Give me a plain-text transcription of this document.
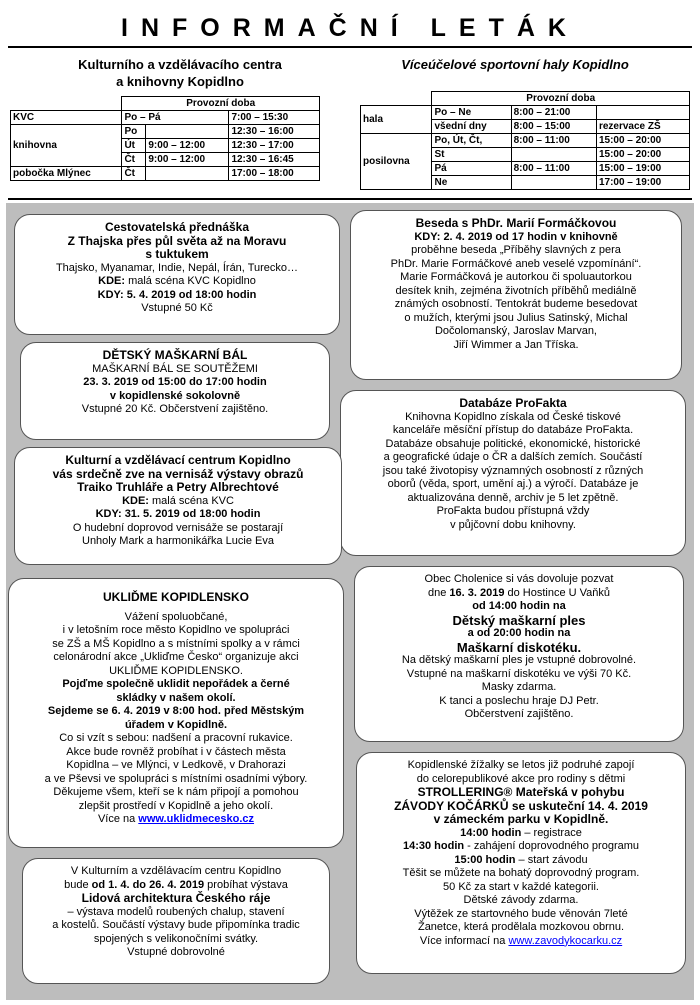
INFORMAČNÍ LETÁK
Kulturního a vzdělávacího centra
a knihovny Kopidlno
Víceúčelové sportovní haly Kopidlno
	Provozní doba		
KVC	Po – Pá		7:00 – 15:30
knihovna	Po		12:30 – 16:00
	Út	9:00 – 12:00	12:30 – 17:00
	Čt	9:00 – 12:00	12:30 – 16:45
pobočka Mlýnec	Čt		17:00 – 18:00
	Provozní doba		
hala	Po – Ne	8:00 – 21:00	
	všední dny	8:00 – 15:00	rezervace ZŠ
posilovna	Po, Út, Čt,	8:00 – 11:00	15:00 – 20:00
	St		15:00 – 20:00
	Pá	8:00 – 11:00	15:00 – 19:00
	Ne		17:00 – 19:00
Cestovatelská přednáška
Z Thajska přes půl světa až na Moravu
s tuktukem
Thajsko, Myanamar, Indie, Nepál, Írán, Turecko…
KDE: malá scéna KVC Kopidlno
KDY: 5. 4. 2019 od 18:00 hodin
Vstupné 50 Kč
Beseda s PhDr. Marií Formáčkovou
KDY: 2. 4. 2019 od 17 hodin v knihovně
proběhne beseda „Příběhy slavných z pera
PhDr. Marie Formáčkové aneb veselé vzpomínání“.
Marie Formáčková je autorkou či spoluautorkou
desítek knih, zejména životních příběhů mediálně
známých osobností. Tentokrát budeme besedovat
o mužích, kterými jsou Julius Satinský, Michal
Dočolomanský, Jaroslav Marvan,
Jiří Wimmer a Jan Tříska.
DĚTSKÝ MAŠKARNÍ BÁL
MAŠKARNÍ BÁL SE SOUTĚŽEMI
23. 3. 2019 od 15:00 do 17:00 hodin
v kopidlenské sokolovně
Vstupné 20 Kč. Občerstvení zajištěno.	Databáze ProFakta
Knihovna Kopidlno získala od České tiskové
kanceláře měsíční přístup do databáze ProFakta.
Databáze obsahuje politické, ekonomické, historické
a geografické údaje o ČR a dalších zemích. Součástí
jsou také životopisy významných osobností z různých
oborů (věda, sport, umění aj.) a výročí. Databáze je
aktualizována denně, archiv je 5 let zpětně.
ProFakta budou přístupná vždy
v půjčovní dobu knihovny.
Kulturní a vzdělávací centrum Kopidlno
vás srdečně zve na vernisáž výstavy obrazů
Traiko Truhláře a Petry Albrechtové
KDE: malá scéna KVC
KDY: 31. 5. 2019 od 18:00 hodin
O hudební doprovod vernisáže se postarají
Unholy Mark a harmonikářka Lucie Eva
Obec Cholenice si vás dovoluje pozvat
dne 16. 3. 2019 do Hostince U Vaňků
od 14:00 hodin na
Dětský maškarní ples
a od 20:00 hodin na
Maškarní diskotéku.
Na dětský maškarní ples je vstupné dobrovolné.
Vstupné na maškarní diskotéku ve výši 70 Kč.
Masky zdarma.
K tanci a poslechu hraje DJ Petr.
Občerstvení zajištěno.
UKLIĎME KOPIDLENSKO
Vážení spoluobčané,
i v letošním roce město Kopidlno ve spolupráci
se ZŠ a MŠ Kopidlno a s místními spolky a v rámci
celonárodní akce „Ukliďme Česko“ organizuje akci
UKLIĎME KOPIDLENSKO.
Pojďme společně uklidit nepořádek a černé
skládky v našem okolí.
Sejdeme se 6. 4. 2019 v 8:00 hod. před Městským
úřadem v Kopidlně.
Co si vzít s sebou: nadšení a pracovní rukavice.
Akce bude rovněž probíhat i v částech města
Kopidlna – ve Mlýnci, v Ledkově, v Drahorazi
a ve Pševsi ve spolupráci s místními osadními výbory.
Děkujeme všem, kteří se k nám připojí a pomohou
zlepšit prostředí v Kopidlně a jeho okolí.
Více na www.uklidmecesko.cz
Kopidlenské žížalky se letos již podruhé zapojí
do celorepublikové akce pro rodiny s dětmi
STROLLERING® Mateřská v pohybu
ZÁVODY KOČÁRKŮ se uskuteční 14. 4. 2019
v zámeckém parku v Kopidlně.
14:00 hodin – registrace
14:30 hodin - zahájení doprovodného programu
15:00 hodin – start závodu
Těšit se můžete na bohatý doprovodný program.
50 Kč za start v každé kategorii.
Dětské závody zdarma.
Výtěžek ze startovného bude věnován 7leté
Žanetce, která prodělala mozkovou obrnu.
Více informací na www.zavodykocarku.cz
V Kulturním a vzdělávacím centru Kopidlno
bude od 1. 4. do 26. 4. 2019 probíhat výstava
Lidová architektura Českého ráje
– výstava modelů roubených chalup, stavení
a kostelů. Součástí výstavy bude připomínka tradic
spojených s velikonočními svátky.
Vstupné dobrovolné
